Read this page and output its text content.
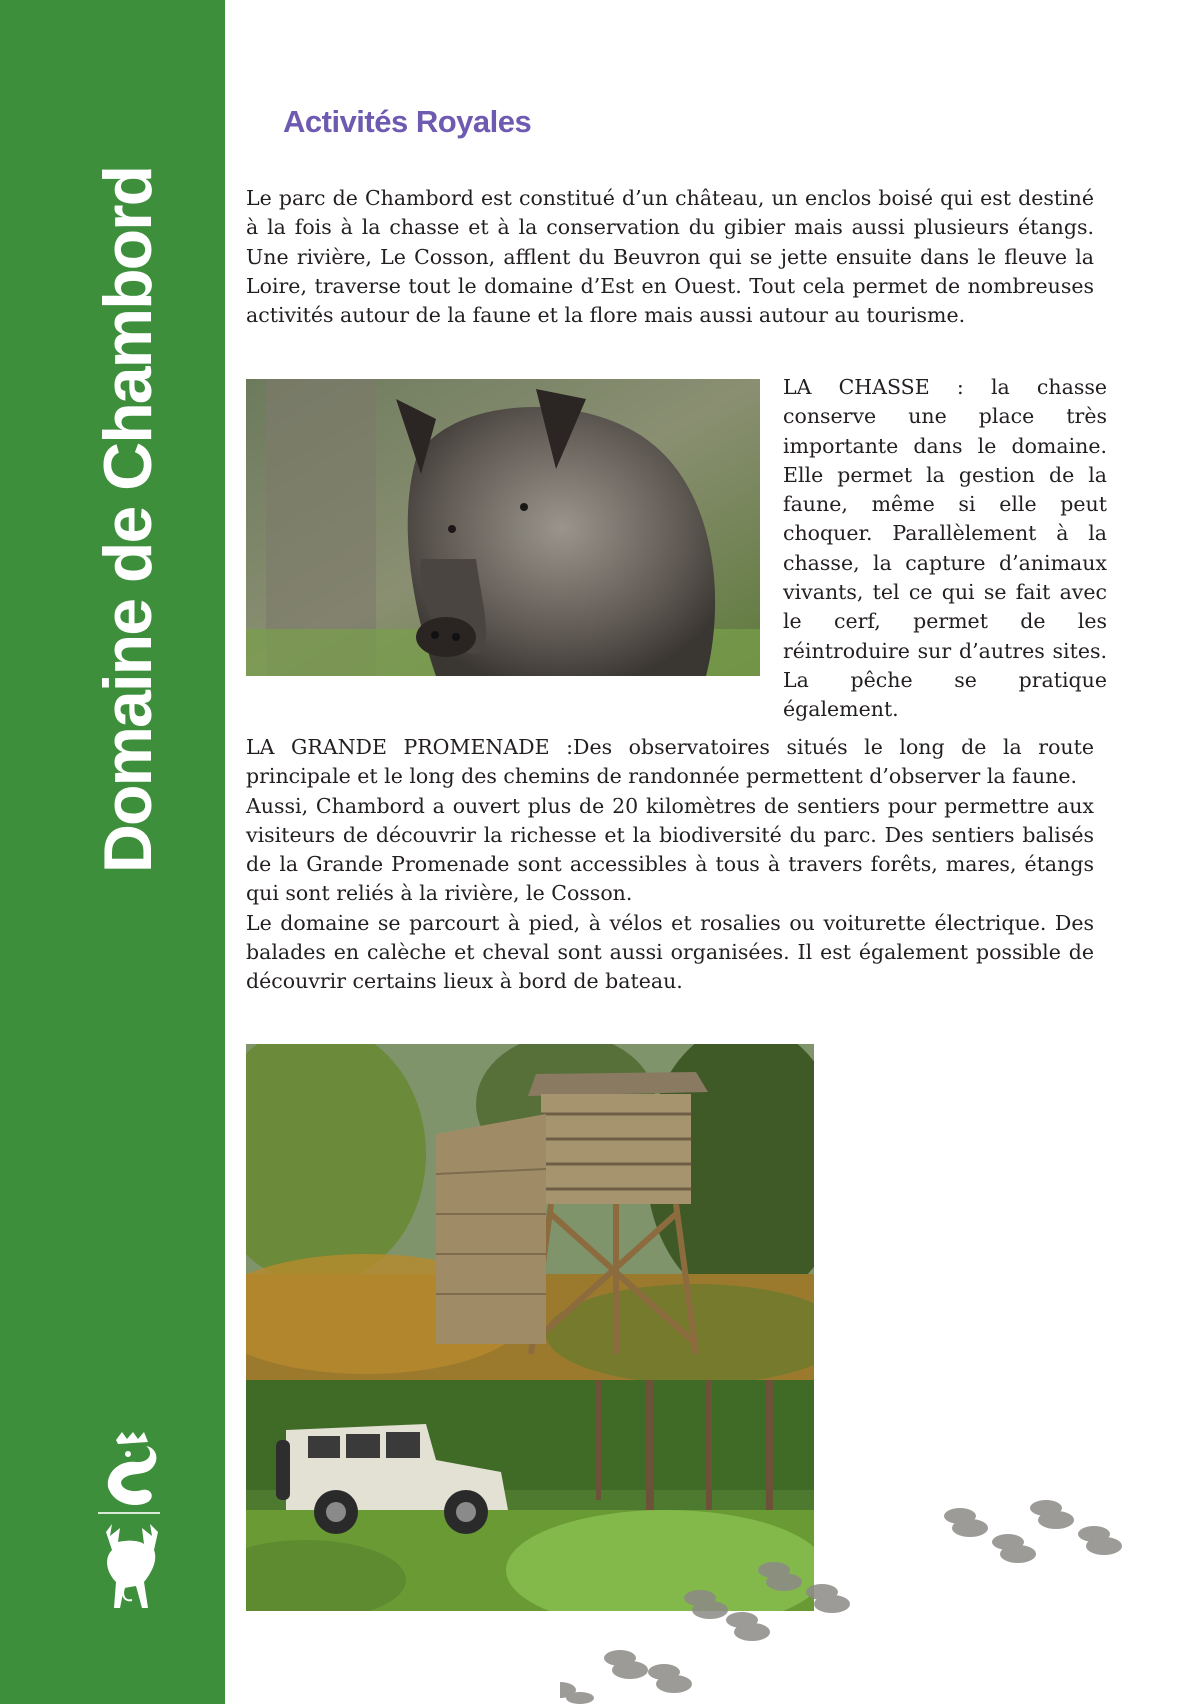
Domaine de Chambord
Activités Royales

Le parc de Chambord est constitué d’un château, un enclos boisé qui est destiné à la fois à la chasse et à la conservation du gibier mais aussi plusieurs étangs. Une rivière, Le Cosson, afflent du Beuvron qui se jette ensuite dans le fleuve la Loire, traverse tout le domaine d’Est en Ouest. Tout cela permet de nombreuses activités autour de la faune et la flore mais aussi autour au tourisme.

LA CHASSE : la chasse conserve une place très importante dans le domaine. Elle permet la gestion de la faune, même si elle peut choquer. Parallèlement à la chasse, la capture d’animaux vivants, tel ce qui se fait avec le cerf, permet de les réintroduire sur d’autres sites. La pêche se pratique également.

LA GRANDE PROMENADE :Des observatoires situés le long de la route principale et le long des chemins de randonnée permettent d’observer la faune.
Aussi, Chambord a ouvert plus de 20 kilomètres de sentiers pour permettre aux visiteurs de découvrir la richesse et la biodiversité du parc. Des sentiers balisés de la Grande Promenade sont accessibles à tous à travers forêts, mares, étangs qui sont reliés à la rivière, le Cosson.
Le domaine se parcourt à pied, à vélos et rosalies ou voiturette électrique. Des balades en calèche et cheval sont aussi organisées. Il est également possible de découvrir certains lieux à bord de bateau.
